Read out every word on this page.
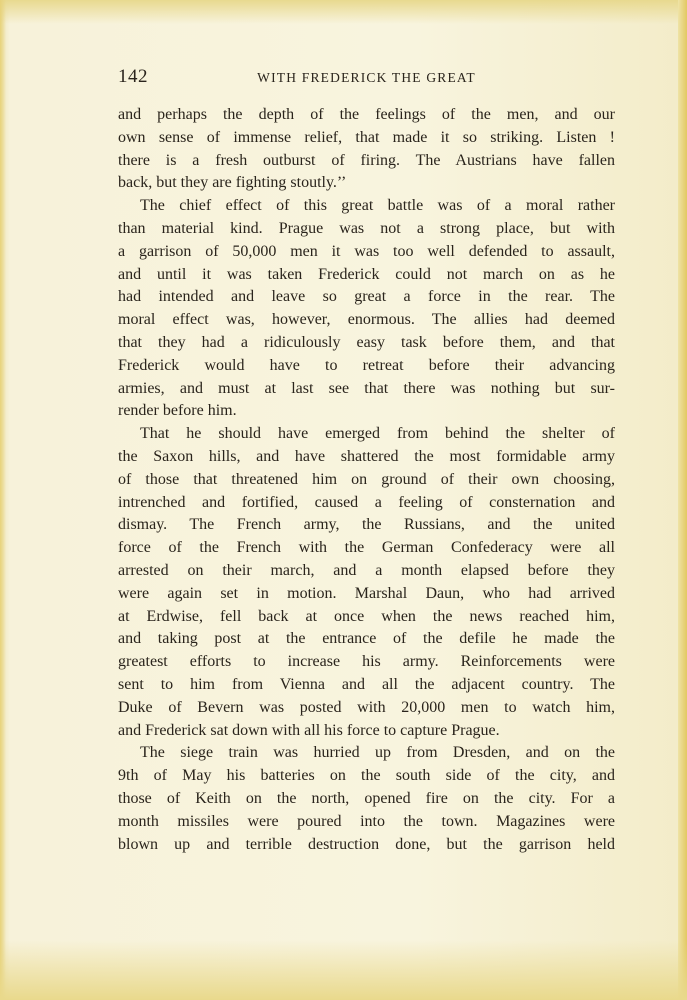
142	WITH FREDERICK THE GREAT

and perhaps the depth of the feelings of the men, and our
own sense of immense relief, that made it so striking. Listen !
there is a fresh outburst of firing. The Austrians have fallen
back, but they are fighting stoutly.’’

The chief effect of this great battle was of a moral rather
than material kind. Prague was not a strong place, but with
a garrison of 50,000 men it was too well defended to assault,
and until it was taken Frederick could not march on as he
had intended and leave so great a force in the rear. The
moral effect was, however, enormous. The allies had deemed
that they had a ridiculously easy task before them, and that
Frederick would have to retreat before their advancing
armies, and must at last see that there was nothing but sur-
render before him.

That he should have emerged from behind the shelter of
the Saxon hills, and have shattered the most formidable army
of those that threatened him on ground of their own choosing,
intrenched and fortified, caused a feeling of consternation and
dismay. The French army, the Russians, and the united
force of the French with the German Confederacy were all
arrested on their march, and a month elapsed before they
were again set in motion. Marshal Daun, who had arrived
at Erdwise, fell back at once when the news reached him,
and taking post at the entrance of the defile he made the
greatest efforts to increase his army. Reinforcements were
sent to him from Vienna and all the adjacent country. The
Duke of Bevern was posted with 20,000 men to watch him,
and Frederick sat down with all his force to capture Prague.

The siege train was hurried up from Dresden, and on the
9th of May his batteries on the south side of the city, and
those of Keith on the north, opened fire on the city. For a
month missiles were poured into the town. Magazines were
blown up and terrible destruction done, but the garrison held
